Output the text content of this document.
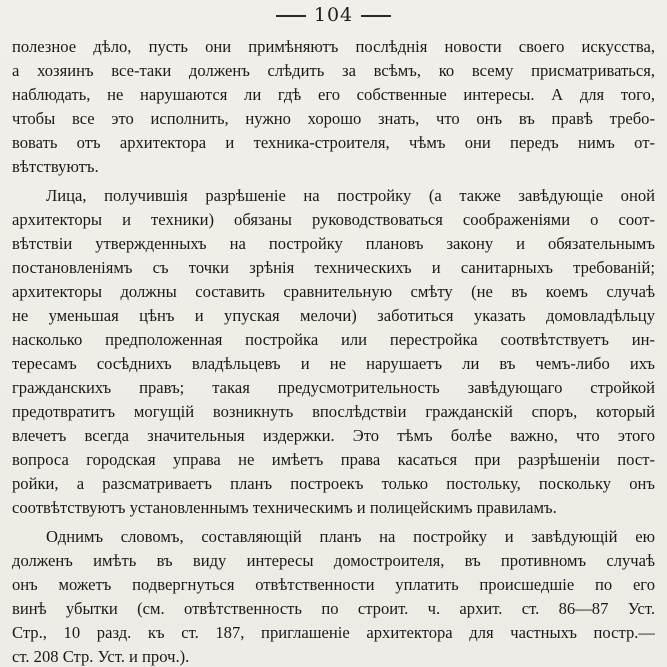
104
полезное дѣло, пусть они примѣняютъ послѣднія новости своего искусства,
а хозяинъ все-таки долженъ слѣдить за всѣмъ, ко всему присматриваться,
наблюдать, не нарушаются ли гдѣ его собственные интересы. А для того,
чтобы все это исполнить, нужно хорошо знать, что онъ въ правѣ требо-
вовать отъ архитектора и техника-строителя, чѣмъ они передъ нимъ от-
вѣтствуютъ.
Лица, получившія разрѣшеніе на постройку (а также завѣдующіе оной
архитекторы и техники) обязаны руководствоваться соображеніями о соот-
вѣтствіи утвержденныхъ на постройку плановъ закону и обязательнымъ
постановленіямъ съ точки зрѣнія техническихъ и санитарныхъ требованій;
архитекторы должны составить сравнительную смѣту (не въ коемъ случаѣ
не уменьшая цѣнъ и упуская мелочи) заботиться указать домовладѣльцу
насколько предположенная постройка или перестройка соотвѣтствуетъ ин-
тересамъ сосѣднихъ владѣльцевъ и не нарушаетъ ли въ чемъ-либо ихъ
гражданскихъ правъ; такая предусмотрительность завѣдующаго стройкой
предотвратитъ могущій возникнуть впослѣдствіи гражданскій споръ, который
влечетъ всегда значительныя издержки. Это тѣмъ болѣе важно, что этого
вопроса городская управа не имѣетъ права касаться при разрѣшеніи пост-
ройки, а разсматриваетъ планъ построекъ только постольку, поскольку онъ
соотвѣтствуютъ установленнымъ техническимъ и полицейскимъ правиламъ.
Однимъ словомъ, составляющій планъ на постройку и завѣдующій ею
долженъ имѣть въ виду интересы домостроителя, въ противномъ случаѣ
онъ можетъ подвергнуться отвѣтственности уплатить происшедшіе по его
винѣ убытки (см. отвѣтственность по строит. ч. архит. ст. 86—87 Уст.
Стр., 10 разд. къ ст. 187, приглашеніе архитектора для частныхъ постр.—
ст. 208 Стр. Уст. и проч.).
